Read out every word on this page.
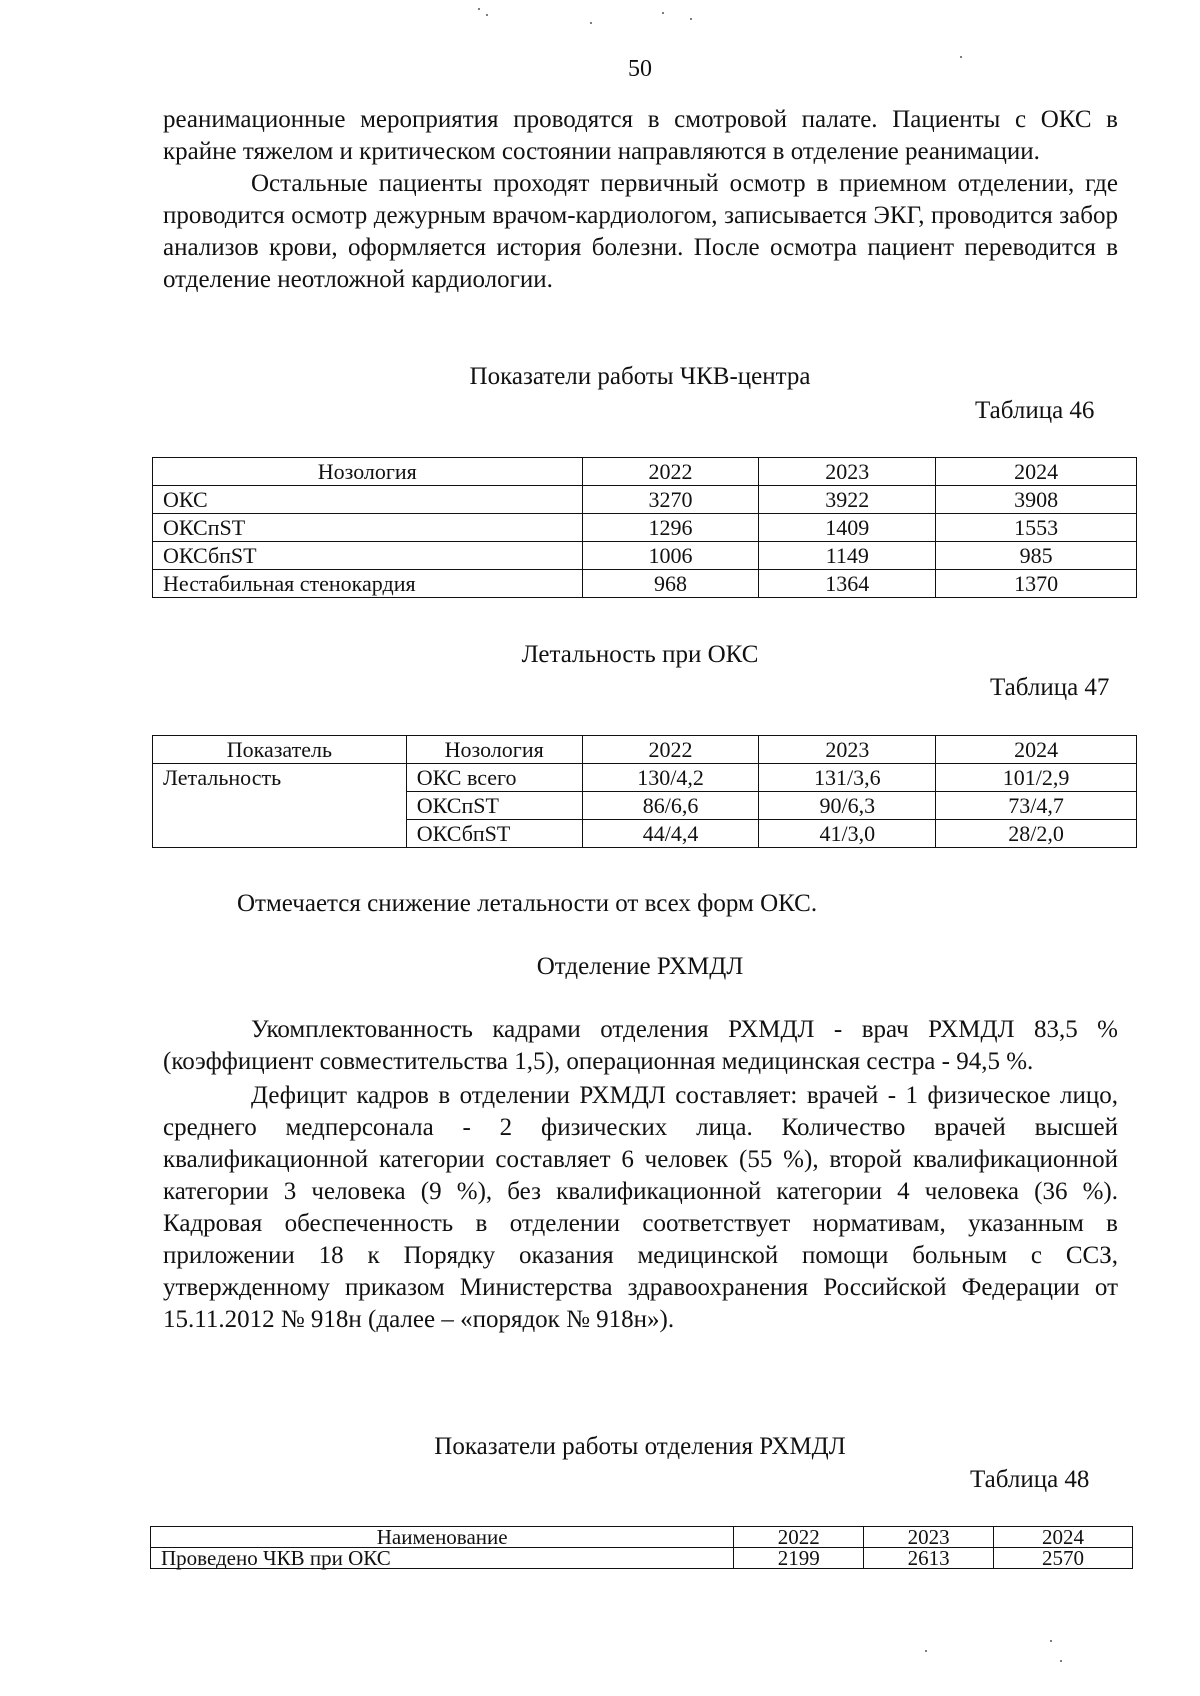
50

реанимационные мероприятия проводятся в смотровой палате. Пациенты с ОКС в крайне тяжелом и критическом состоянии направляются в отделение реанимации.

Остальные пациенты проходят первичный осмотр в приемном отделении, где проводится осмотр дежурным врачом-кардиологом, записывается ЭКГ, проводится забор анализов крови, оформляется история болезни. После осмотра пациент переводится в отделение неотложной кардиологии.

Показатели работы ЧКВ-центра
Таблица 46
Нозология	2022	2023	2024
ОКС	3270	3922	3908
ОКСпST	1296	1409	1553
ОКСбпST	1006	1149	985
Нестабильная стенокардия	968	1364	1370
Летальность при ОКС
Таблица 47
Показатель	Нозология	2022	2023	2024
Летальность	ОКС всего	130/4,2	131/3,6	101/2,9
	ОКСпST	86/6,6	90/6,3	73/4,7
	ОКСбпST	44/4,4	41/3,0	28/2,0
Отмечается снижение летальности от всех форм ОКС.
Отделение РХМДЛ

Укомплектованность кадрами отделения РХМДЛ - врач РХМДЛ 83,5 % (коэффициент совместительства 1,5), операционная медицинская сестра - 94,5 %.

Дефицит кадров в отделении РХМДЛ составляет: врачей - 1 физическое лицо, среднего медперсонала - 2 физических лица. Количество врачей высшей квалификационной категории составляет 6 человек (55 %), второй квалификационной категории 3 человека (9 %), без квалификационной категории 4 человека (36 %). Кадровая обеспеченность в отделении соответствует нормативам, указанным в приложении 18 к Порядку оказания медицинской помощи больным с ССЗ, утвержденному приказом Министерства здравоохранения Российской Федерации от 15.11.2012 № 918н (далее – «порядок № 918н»).

Показатели работы отделения РХМДЛ
Таблица 48
Наименование	2022	2023	2024
Проведено ЧКВ при ОКС	2199	2613	2570
